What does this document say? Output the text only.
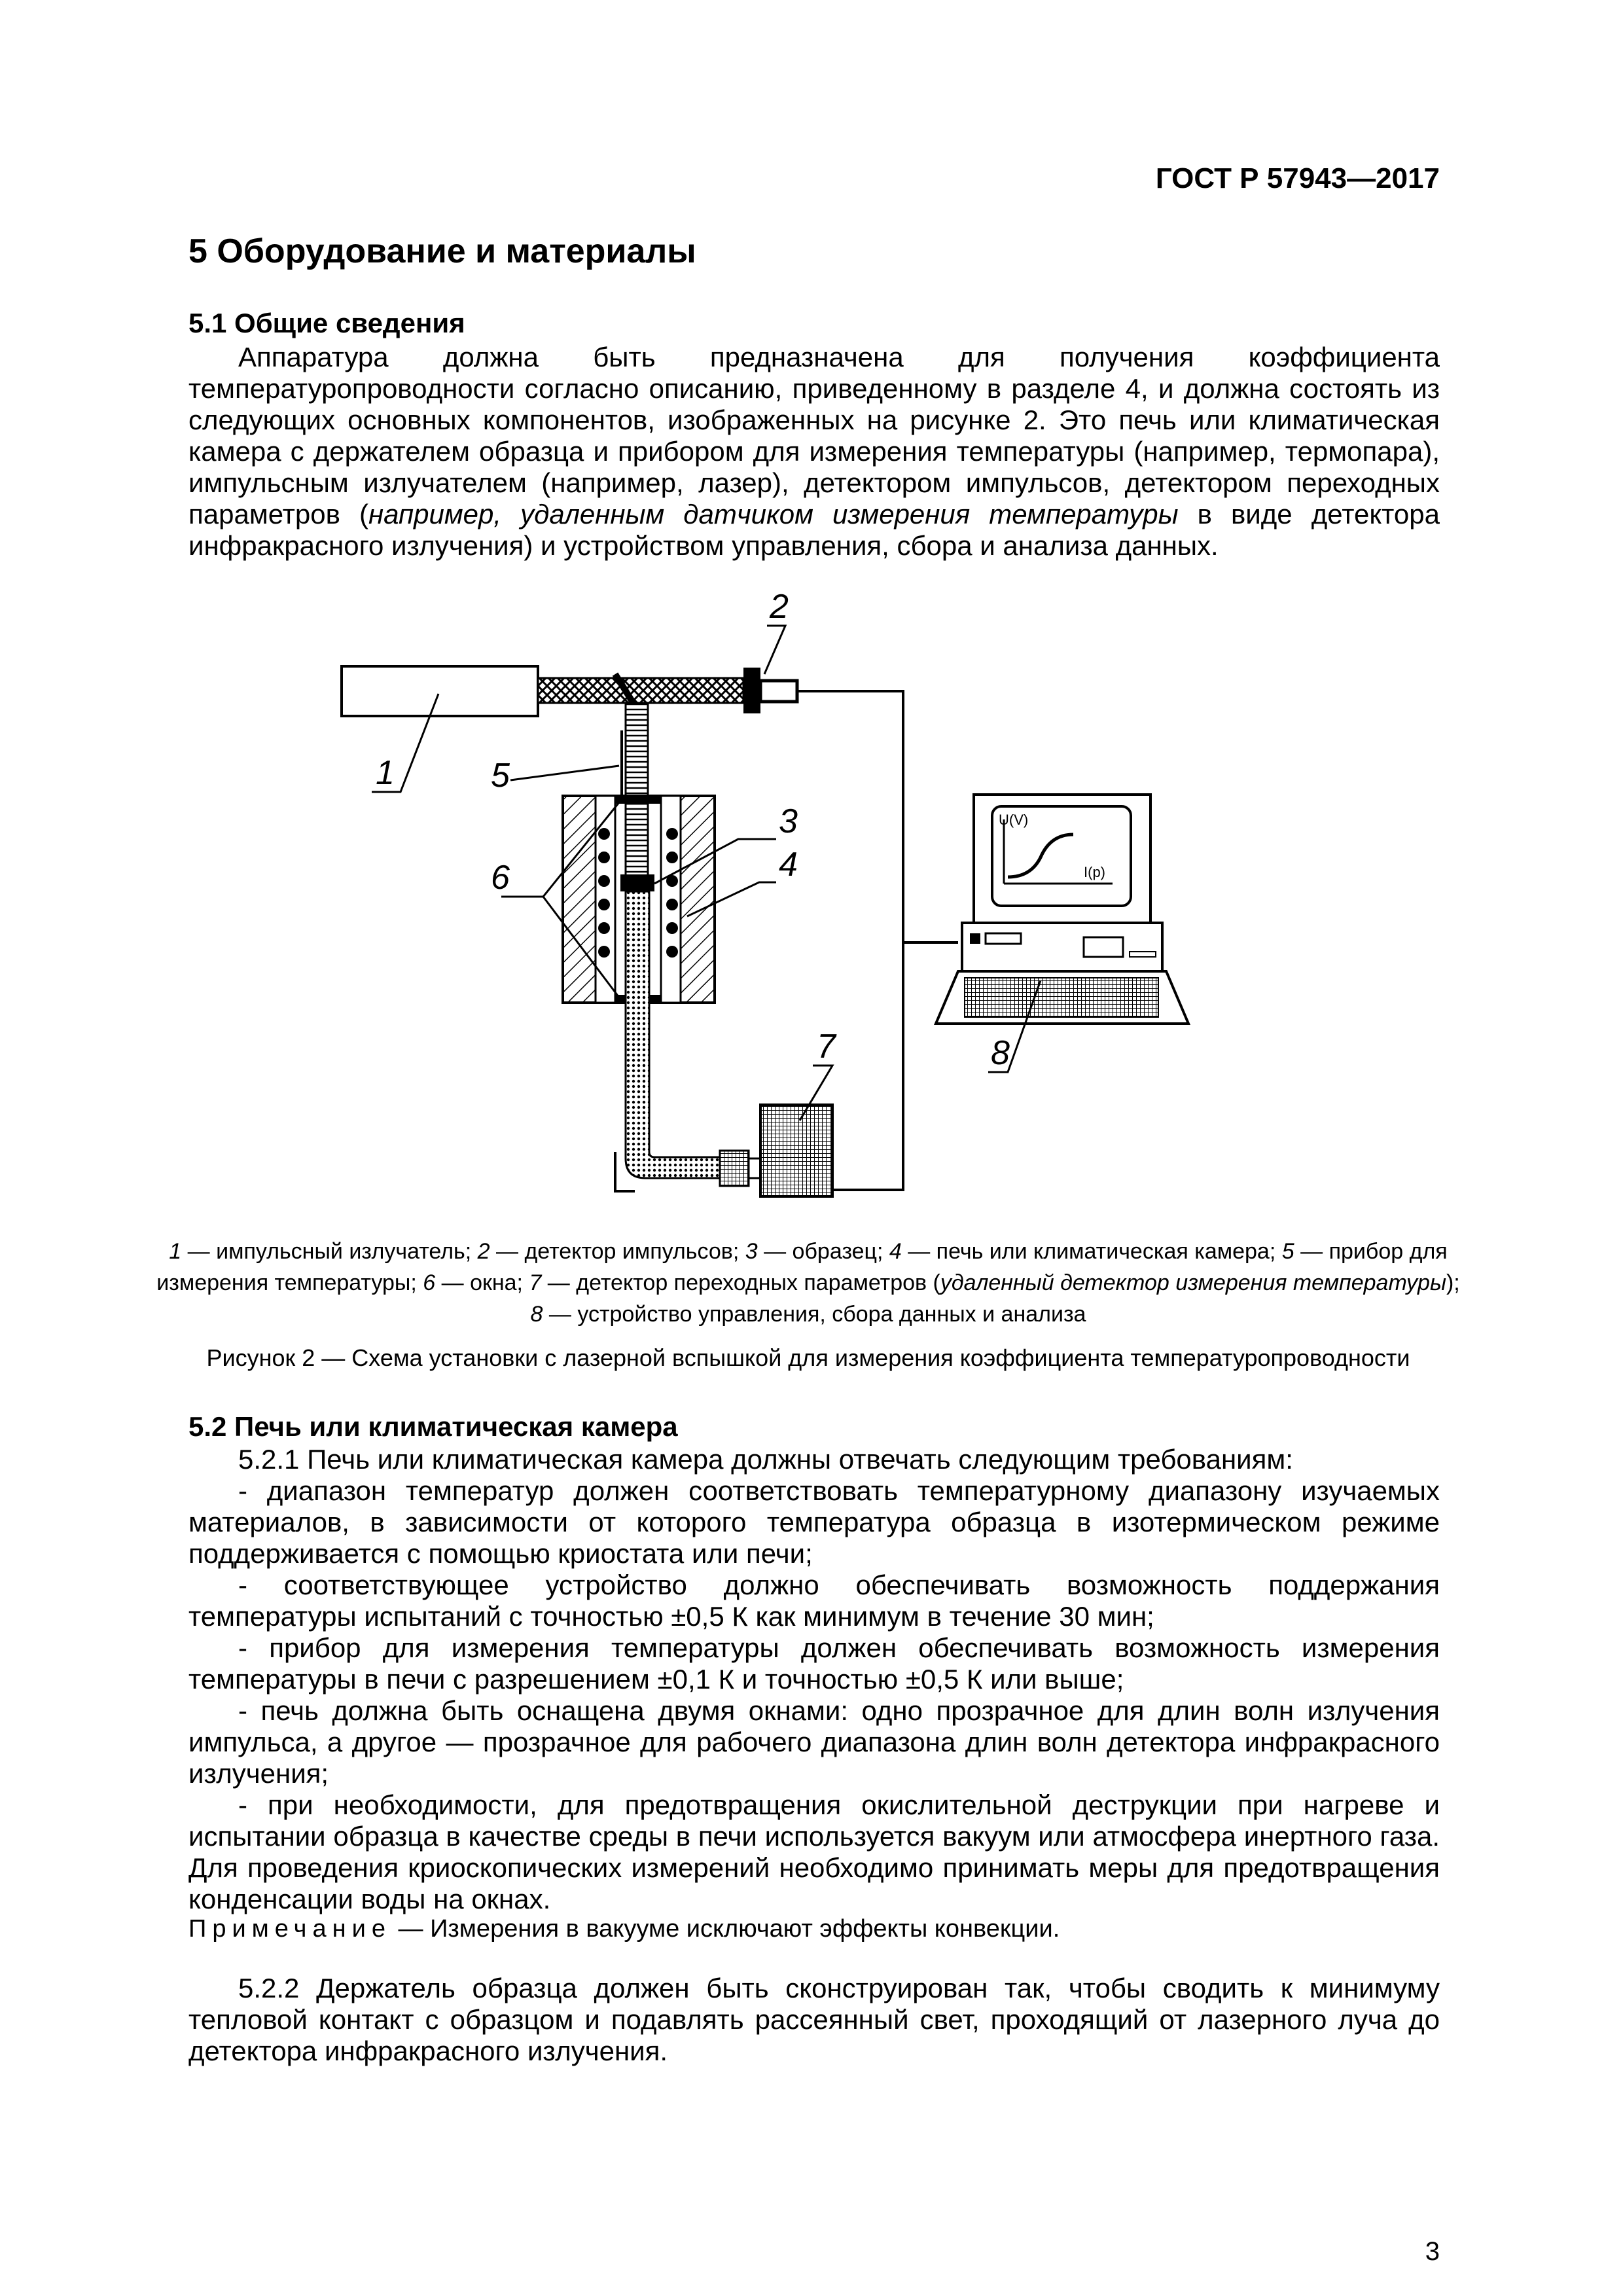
ГОСТ Р 57943—2017
5 Оборудование и материалы
5.1 Общие сведения

Аппаратура должна быть предназначена для получения коэффициента температуропроводности согласно описанию, приведенному в разделе 4, и должна состоять из следующих основных компонентов, изображенных на рисунке 2. Это печь или климатическая камера с держателем образца и прибором для измерения температуры (например, термопара), импульсным излучателем (например, лазер), детектором импульсов, детектором переходных параметров (например, удаленным датчиком измерения температуры в виде детектора инфракрасного излучения) и устройством управления, сбора и анализа данных.

U(V)
I(p)
1
2
3
4
5
6
7	8

1 — импульсный излучатель; 2 — детектор импульсов; 3 — образец; 4 — печь или климатическая камера; 5 — прибор для измерения температуры; 6 — окна; 7 — детектор переходных параметров (удаленный детектор измерения температуры);
8 — устройство управления, сбора данных и анализа

Рисунок 2 — Схема установки с лазерной вспышкой для измерения коэффициента температуропроводности
5.2 Печь или климатическая камера

5.2.1 Печь или климатическая камера должны отвечать следующим требованиям:

- диапазон температур должен соответствовать температурному диапазону изучаемых материалов, в зависимости от которого температура образца в изотермическом режиме поддерживается с помощью криостата или печи;

- соответствующее устройство должно обеспечивать возможность поддержания температуры испытаний с точностью ±0,5 К как минимум в течение 30 мин;

- прибор для измерения температуры должен обеспечивать возможность измерения температуры в печи с разрешением ±0,1 К и точностью ±0,5 К или выше;

- печь должна быть оснащена двумя окнами: одно прозрачное для длин волн излучения импульса, а другое — прозрачное для рабочего диапазона длин волн детектора инфракрасного излучения;

- при необходимости, для предотвращения окислительной деструкции при нагреве и испытании образца в качестве среды в печи используется вакуум или атмосфера инертного газа. Для проведения криоскопических измерений необходимо принимать меры для предотвращения конденсации воды на окнах.

Примечание — Измерения в вакууме исключают эффекты конвекции.

5.2.2 Держатель образца должен быть сконструирован так, чтобы сводить к минимуму тепловой контакт с образцом и подавлять рассеянный свет, проходящий от лазерного луча до детектора инфракрасного излучения.

3
